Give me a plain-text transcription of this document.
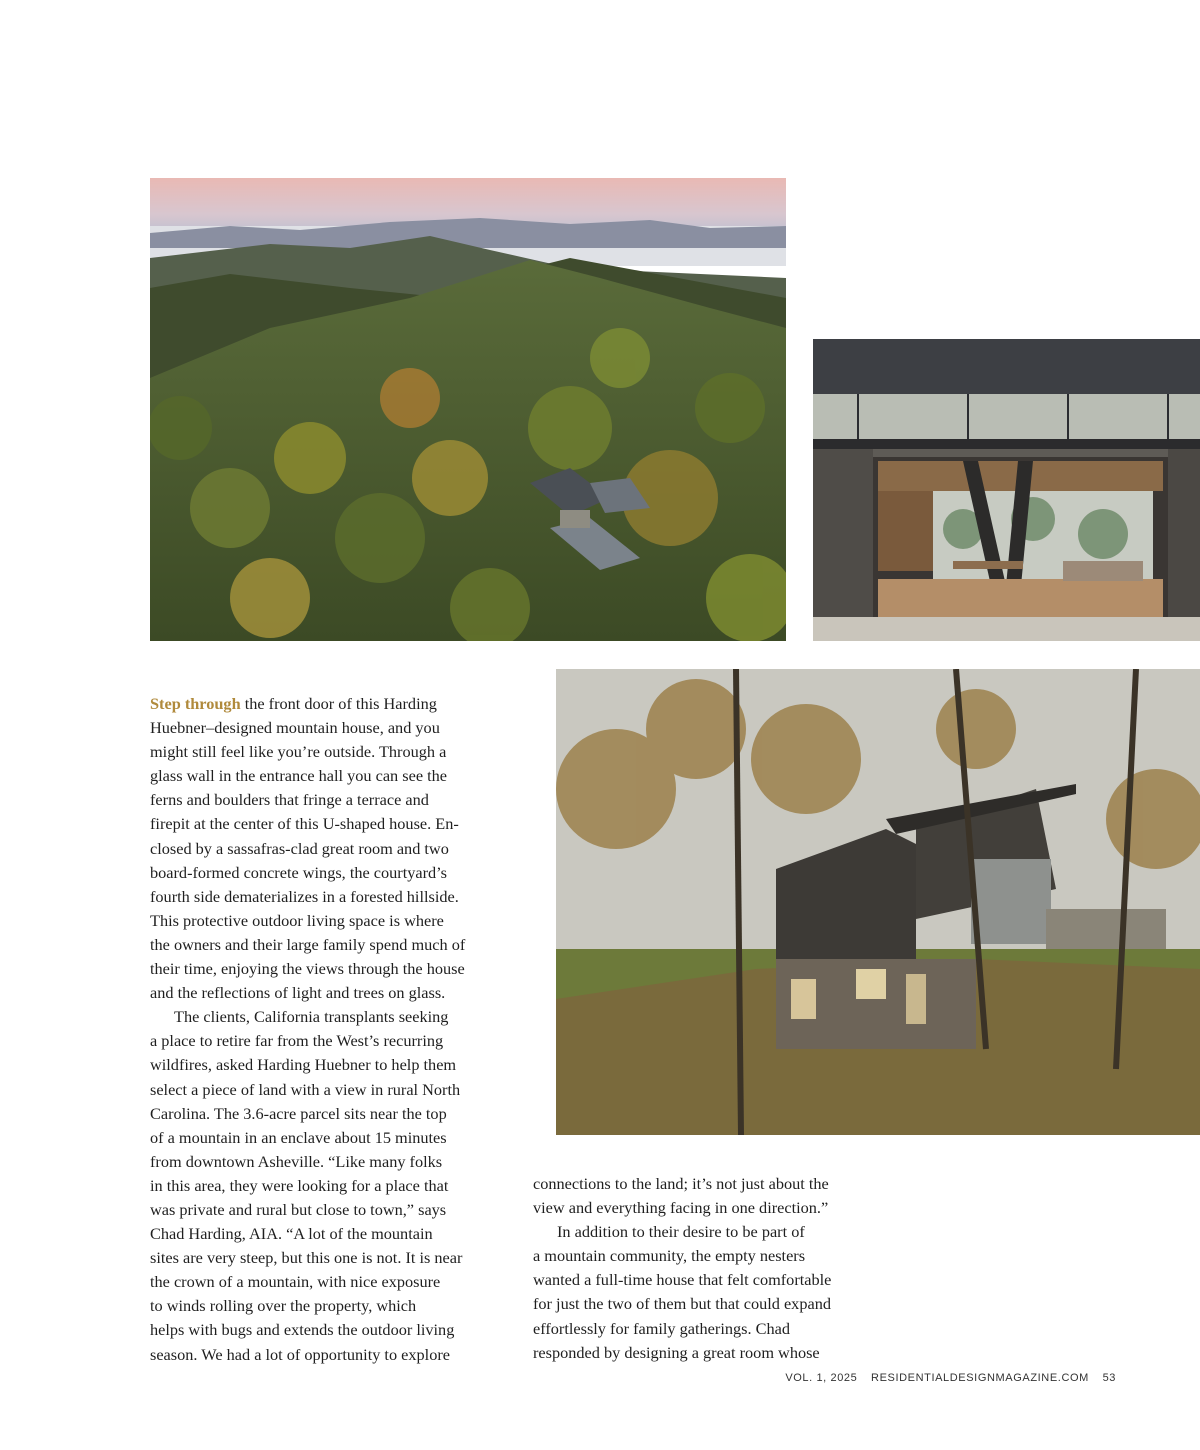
Step through the front door of this Harding
Huebner–designed mountain house, and you
might still feel like you’re outside. Through a
glass wall in the entrance hall you can see the
ferns and boulders that fringe a terrace and
firepit at the center of this U-shaped house. En-
closed by a sassafras-clad great room and two
board-formed concrete wings, the courtyard’s
fourth side dematerializes in a forested hillside.
This protective outdoor living space is where
the owners and their large family spend much of
their time, enjoying the views through the house
and the reflections of light and trees on glass.
The clients, California transplants seeking
a place to retire far from the West’s recurring
wildfires, asked Harding Huebner to help them
select a piece of land with a view in rural North
Carolina. The 3.6-acre parcel sits near the top
of a mountain in an enclave about 15 minutes
from downtown Asheville. “Like many folks
in this area, they were looking for a place that
was private and rural but close to town,” says
Chad Harding, AIA. “A lot of the mountain
sites are very steep, but this one is not. It is near
the crown of a mountain, with nice exposure
to winds rolling over the property, which
helps with bugs and extends the outdoor living
season. We had a lot of opportunity to explore
connections to the land; it’s not just about the
view and everything facing in one direction.”
In addition to their desire to be part of
a mountain community, the empty nesters
wanted a full-time house that felt comfortable
for just the two of them but that could expand
effortlessly for family gatherings. Chad
responded by designing a great room whose
VOL. 1, 2025 RESIDENTIALDESIGNMAGAZINE.COM 53
